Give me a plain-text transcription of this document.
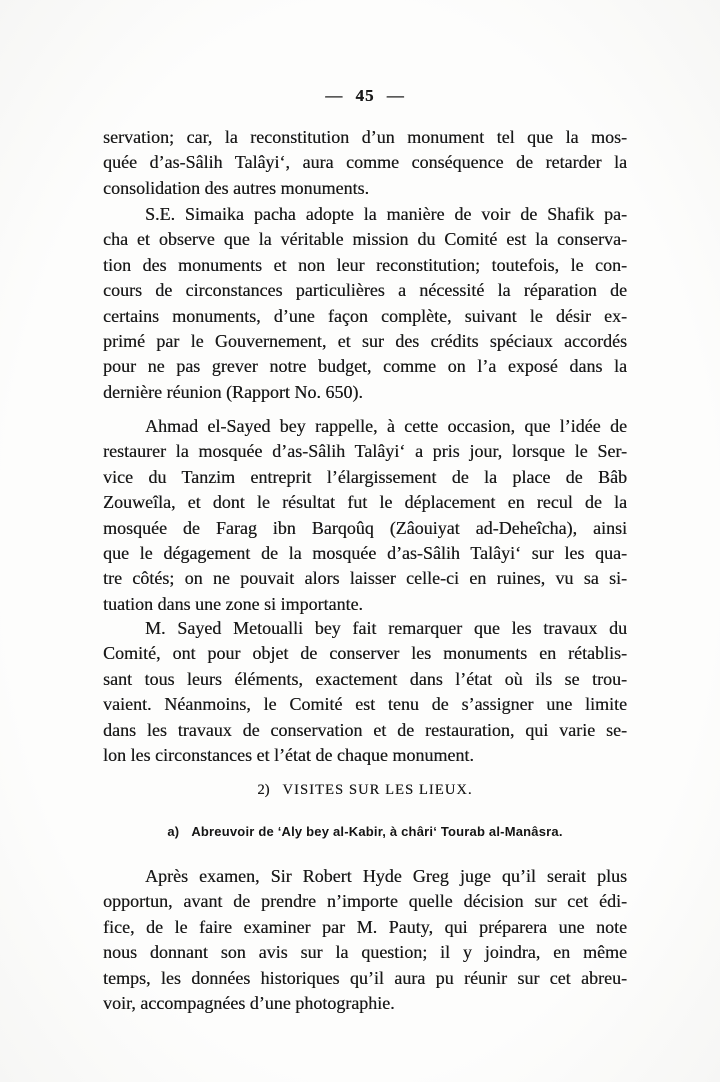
— 45 —
servation; car, la reconstitution d’un monument tel que la mos-
quée d’as-Sâlih Talâyi‘, aura comme conséquence de retarder la
consolidation des autres monuments.
S.E. Simaika pacha adopte la manière de voir de Shafik pa-
cha et observe que la véritable mission du Comité est la conserva-
tion des monuments et non leur reconstitution; toutefois, le con-
cours de circonstances particulières a nécessité la réparation de
certains monuments, d’une façon complète, suivant le désir ex-
primé par le Gouvernement, et sur des crédits spéciaux accordés
pour ne pas grever notre budget, comme on l’a exposé dans la
dernière réunion (Rapport No. 650).
Ahmad el-Sayed bey rappelle, à cette occasion, que l’idée de
restaurer la mosquée d’as-Sâlih Talâyi‘ a pris jour, lorsque le Ser-
vice du Tanzim entreprit l’élargissement de la place de Bâb
Zouweîla, et dont le résultat fut le déplacement en recul de la
mosquée de Farag ibn Barqoûq (Zâouiyat ad-Deheîcha), ainsi
que le dégagement de la mosquée d’as-Sâlih Talâyi‘ sur les qua-
tre côtés; on ne pouvait alors laisser celle-ci en ruines, vu sa si-
tuation dans une zone si importante.
M. Sayed Metoualli bey fait remarquer que les travaux du
Comité, ont pour objet de conserver les monuments en rétablis-
sant tous leurs éléments, exactement dans l’état où ils se trou-
vaient. Néanmoins, le Comité est tenu de s’assigner une limite
dans les travaux de conservation et de restauration, qui varie se-
lon les circonstances et l’état de chaque monument.
2) VISITES SUR LES LIEUX.
a) Abreuvoir de ‘Aly bey al-Kabir, à châri‘ Tourab al-Manâsra.
Après examen, Sir Robert Hyde Greg juge qu’il serait plus
opportun, avant de prendre n’importe quelle décision sur cet édi-
fice, de le faire examiner par M. Pauty, qui préparera une note
nous donnant son avis sur la question; il y joindra, en même
temps, les données historiques qu’il aura pu réunir sur cet abreu-
voir, accompagnées d’une photographie.
